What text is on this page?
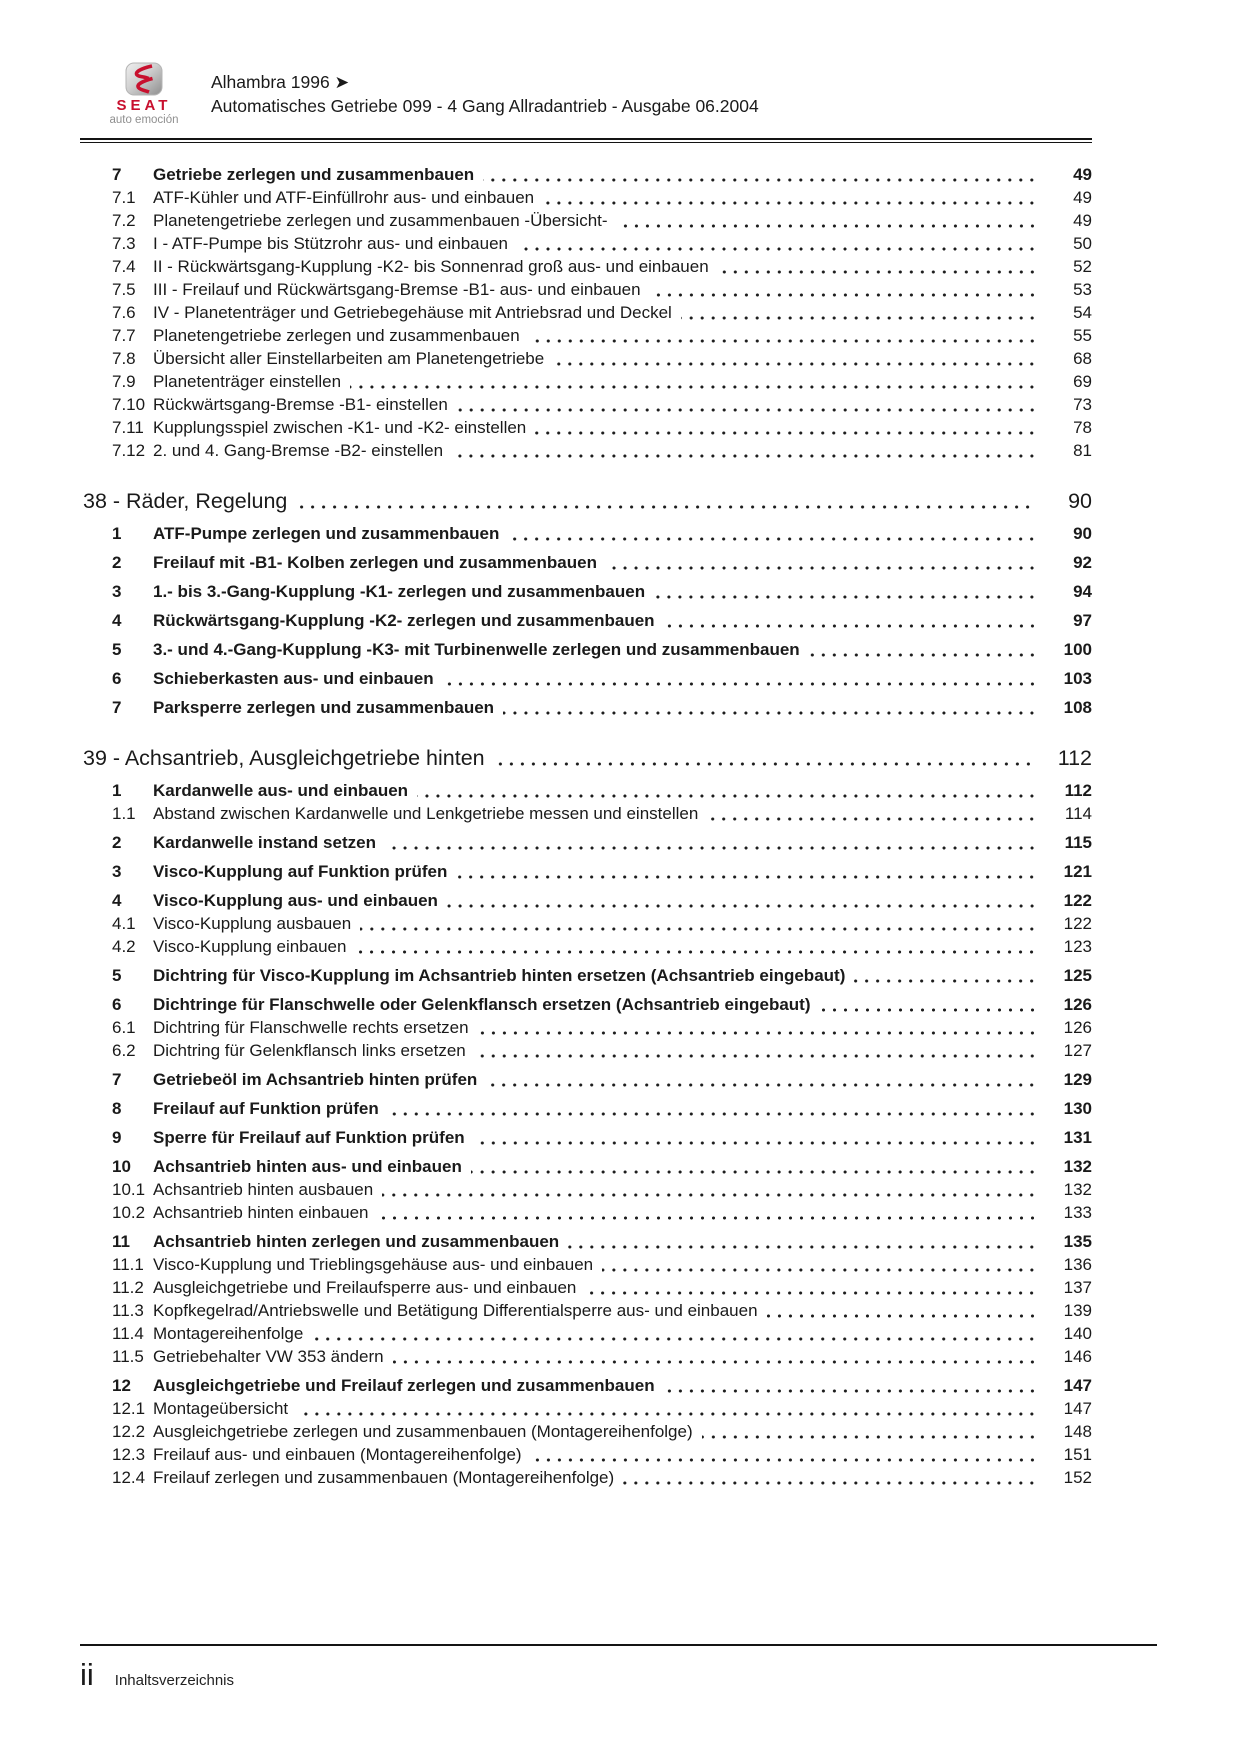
SEAT
auto emoción
Alhambra 1996 ➤
Automatisches Getriebe 099 - 4 Gang Allradantrieb - Ausgabe 06.2004
7	Getriebe zerlegen und zusammenbauen	49
7.1	ATF-Kühler und ATF-Einfüllrohr aus- und einbauen	49
7.2	Planetengetriebe zerlegen und zusammenbauen -Übersicht-	49
7.3	I - ATF-Pumpe bis Stützrohr aus- und einbauen	50
7.4	II - Rückwärtsgang-Kupplung -K2- bis Sonnenrad groß aus- und einbauen	52
7.5	III - Freilauf und Rückwärtsgang-Bremse -B1- aus- und einbauen	53
7.6	IV - Planetenträger und Getriebegehäuse mit Antriebsrad und Deckel	54
7.7	Planetengetriebe zerlegen und zusammenbauen	55
7.8	Übersicht aller Einstellarbeiten am Planetengetriebe	68
7.9	Planetenträger einstellen	69
7.10 Rückwärtsgang-Bremse -B1- einstellen	73
7.11 Kupplungsspiel zwischen -K1- und -K2- einstellen	78
7.12 2. und 4. Gang-Bremse -B2- einstellen	81
38 - Räder, Regelung	90
1	ATF-Pumpe zerlegen und zusammenbauen	90
2	Freilauf mit -B1- Kolben zerlegen und zusammenbauen	92
3	1.- bis 3.-Gang-Kupplung -K1- zerlegen und zusammenbauen	94
4	Rückwärtsgang-Kupplung -K2- zerlegen und zusammenbauen	97
5	3.- und 4.-Gang-Kupplung -K3- mit Turbinenwelle zerlegen und zusammenbauen	100
6	Schieberkasten aus- und einbauen	103
7	Parksperre zerlegen und zusammenbauen	108
39 - Achsantrieb, Ausgleichgetriebe hinten	112
1	Kardanwelle aus- und einbauen	112
1.1	Abstand zwischen Kardanwelle und Lenkgetriebe messen und einstellen	114
2	Kardanwelle instand setzen	115
3	Visco-Kupplung auf Funktion prüfen	121
4	Visco-Kupplung aus- und einbauen	122
4.1	Visco-Kupplung ausbauen	122
4.2	Visco-Kupplung einbauen	123
5	Dichtring für Visco-Kupplung im Achsantrieb hinten ersetzen (Achsantrieb eingebaut)	125
6	Dichtringe für Flanschwelle oder Gelenkflansch ersetzen (Achsantrieb eingebaut)	126
6.1	Dichtring für Flanschwelle rechts ersetzen	126
6.2	Dichtring für Gelenkflansch links ersetzen	127
7	Getriebeöl im Achsantrieb hinten prüfen	129
8	Freilauf auf Funktion prüfen	130
9	Sperre für Freilauf auf Funktion prüfen	131
10	Achsantrieb hinten aus- und einbauen	132
10.1 Achsantrieb hinten ausbauen	132
10.2 Achsantrieb hinten einbauen	133
11	Achsantrieb hinten zerlegen und zusammenbauen	135
11.1 Visco-Kupplung und Trieblingsgehäuse aus- und einbauen	136
11.2 Ausgleichgetriebe und Freilaufsperre aus- und einbauen	137
11.3 Kopfkegelrad/Antriebswelle und Betätigung Differentialsperre aus- und einbauen	139
11.4 Montagereihenfolge	140
11.5 Getriebehalter VW 353 ändern	146
12	Ausgleichgetriebe und Freilauf zerlegen und zusammenbauen	147
12.1 Montageübersicht	147
12.2 Ausgleichgetriebe zerlegen und zusammenbauen (Montagereihenfolge)	148
12.3 Freilauf aus- und einbauen (Montagereihenfolge)	151
12.4 Freilauf zerlegen und zusammenbauen (Montagereihenfolge)	152
ii Inhaltsverzeichnis
